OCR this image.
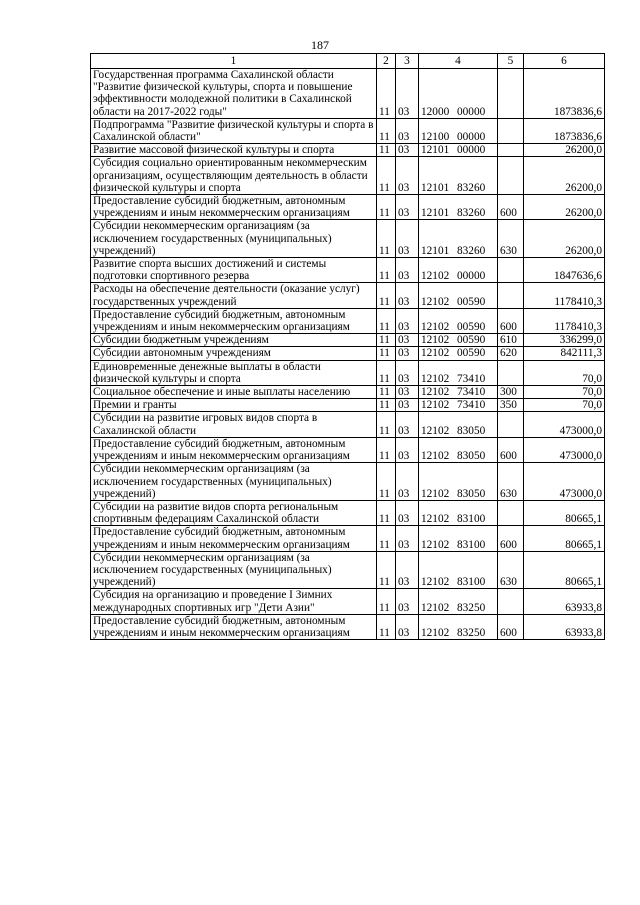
187
1	2	3	4	5	6
Государственная программа Сахалинской области "Развитие физической культуры, спорта и повышение эффективности молодежной политики в Сахалинской области на 2017-2022 годы"	11	03	12000 00000		1873836,6
Подпрограмма "Развитие физической культуры и спорта в Сахалинской области"	11	03	12100 00000		1873836,6
Развитие массовой физической культуры и спорта	11	03	12101 00000		26200,0
Субсидия социально ориентированным некоммерческим организациям, осуществляющим деятельность в области физической культуры и спорта	11	03	12101 83260		26200,0
Предоставление субсидий бюджетным, автономным учреждениям и иным некоммерческим организациям	11	03	12101 83260	600	26200,0
Субсидии некоммерческим организациям (за исключением государственных (муниципальных) учреждений)	11	03	12101 83260	630	26200,0
Развитие спорта высших достижений и системы подготовки спортивного резерва	11	03	12102 00000		1847636,6
Расходы на обеспечение деятельности (оказание услуг) государственных учреждений	11	03	12102 00590		1178410,3
Предоставление субсидий бюджетным, автономным учреждениям и иным некоммерческим организациям	11	03	12102 00590	600	1178410,3
Субсидии бюджетным учреждениям	11	03	12102 00590	610	336299,0
Субсидии автономным учреждениям	11	03	12102 00590	620	842111,3
Единовременные денежные выплаты в области физической культуры и спорта	11	03	12102 73410		70,0
Социальное обеспечение и иные выплаты населению	11	03	12102 73410	300	70,0
Премии и гранты	11	03	12102 73410	350	70,0
Субсидии на развитие игровых видов спорта в Сахалинской области	11	03	12102 83050		473000,0
Предоставление субсидий бюджетным, автономным учреждениям и иным некоммерческим организациям	11	03	12102 83050	600	473000,0
Субсидии некоммерческим организациям (за исключением государственных (муниципальных) учреждений)	11	03	12102 83050	630	473000,0
Субсидии на развитие видов спорта региональным спортивным федерациям Сахалинской области	11	03	12102 83100		80665,1
Предоставление субсидий бюджетным, автономным учреждениям и иным некоммерческим организациям	11	03	12102 83100	600	80665,1
Субсидии некоммерческим организациям (за исключением государственных (муниципальных) учреждений)	11	03	12102 83100	630	80665,1
Субсидия на организацию и проведение I Зимних международных спортивных игр "Дети Азии"	11	03	12102 83250		63933,8
Предоставление субсидий бюджетным, автономным учреждениям и иным некоммерческим организациям	11	03	12102 83250	600	63933,8
